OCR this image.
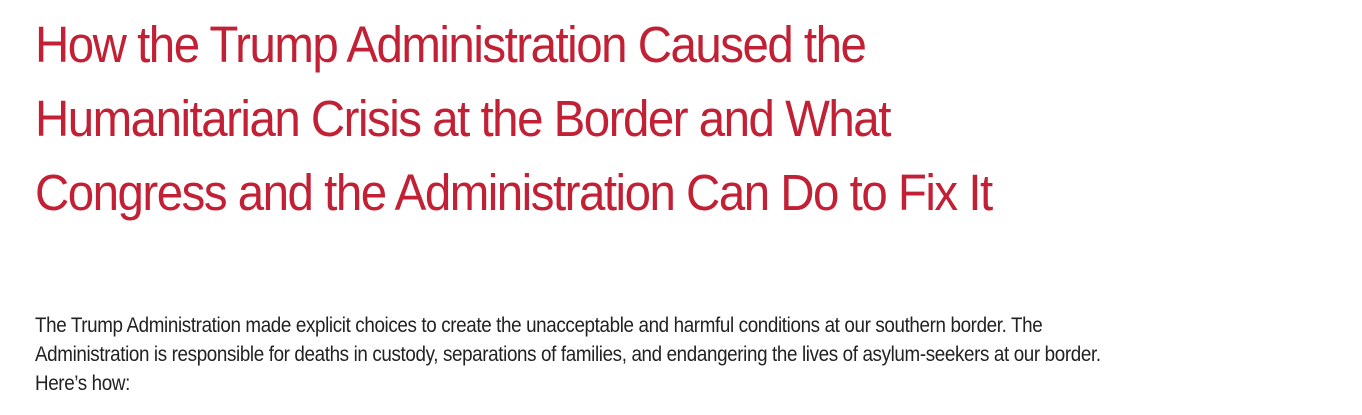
How the Trump Administration Caused the
Humanitarian Crisis at the Border and What
Congress and the Administration Can Do to Fix It

The Trump Administration made explicit choices to create the unacceptable and harmful conditions at our southern border. The
Administration is responsible for deaths in custody, separations of families, and endangering the lives of asylum-seekers at our border.
Here’s how:
